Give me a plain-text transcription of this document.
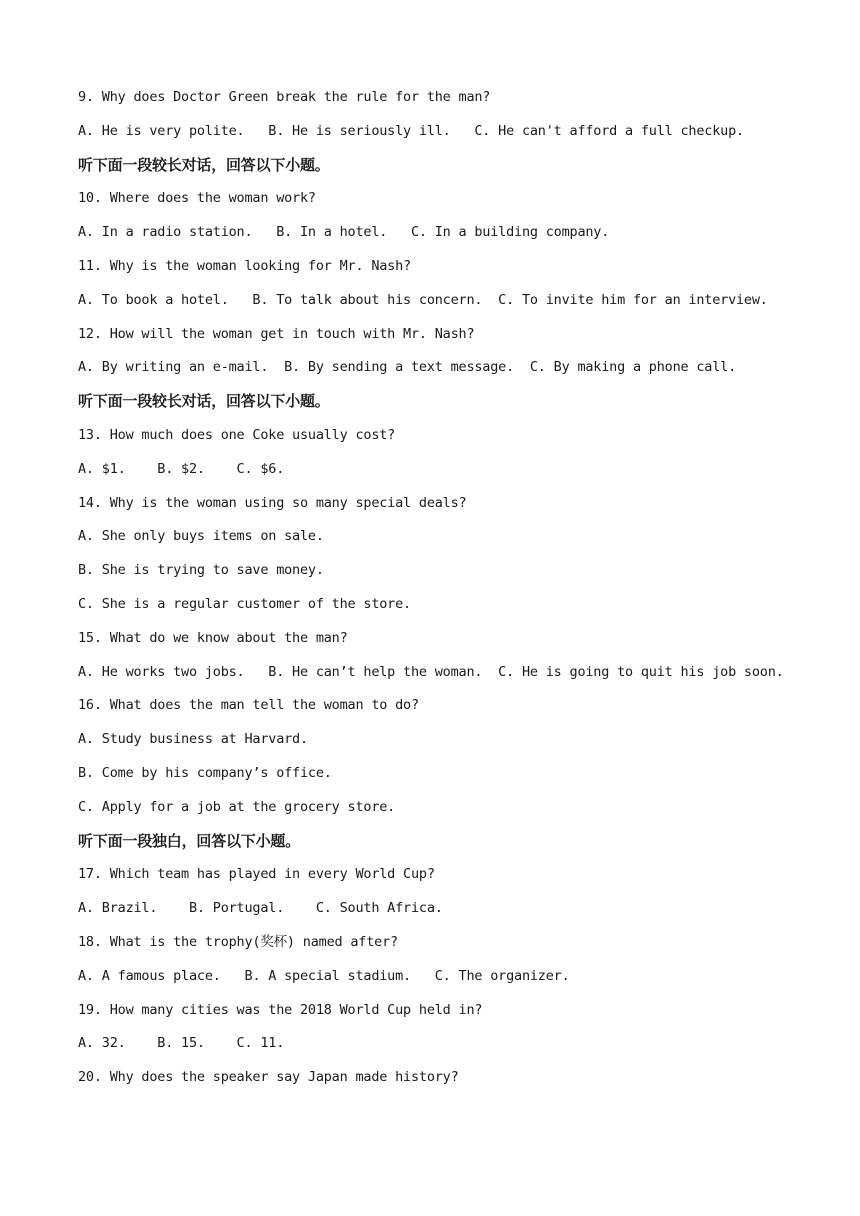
9. Why does Doctor Green break the rule for the man?
A. He is very polite.   B. He is seriously ill.   C. He can't afford a full checkup.
听下面一段较长对话，回答以下小题。
10. Where does the woman work?
A. In a radio station.   B. In a hotel.   C. In a building company.
11. Why is the woman looking for Mr. Nash?
A. To book a hotel.   B. To talk about his concern.  C. To invite him for an interview.
12. How will the woman get in touch with Mr. Nash?
A. By writing an e-mail.  B. By sending a text message.  C. By making a phone call.
听下面一段较长对话，回答以下小题。
13. How much does one Coke usually cost?
A. $1.    B. $2.    C. $6.
14. Why is the woman using so many special deals?
A. She only buys items on sale.
B. She is trying to save money.
C. She is a regular customer of the store.
15. What do we know about the man?
A. He works two jobs.   B. He can’t help the woman.  C. He is going to quit his job soon.
16. What does the man tell the woman to do?
A. Study business at Harvard.
B. Come by his company’s office.
C. Apply for a job at the grocery store.
听下面一段独白，回答以下小题。
17. Which team has played in every World Cup?
A. Brazil.    B. Portugal.    C. South Africa.
18. What is the trophy(奖杯) named after?
A. A famous place.   B. A special stadium.   C. The organizer.
19. How many cities was the 2018 World Cup held in?
A. 32.    B. 15.    C. 11.
20. Why does the speaker say Japan made history?
